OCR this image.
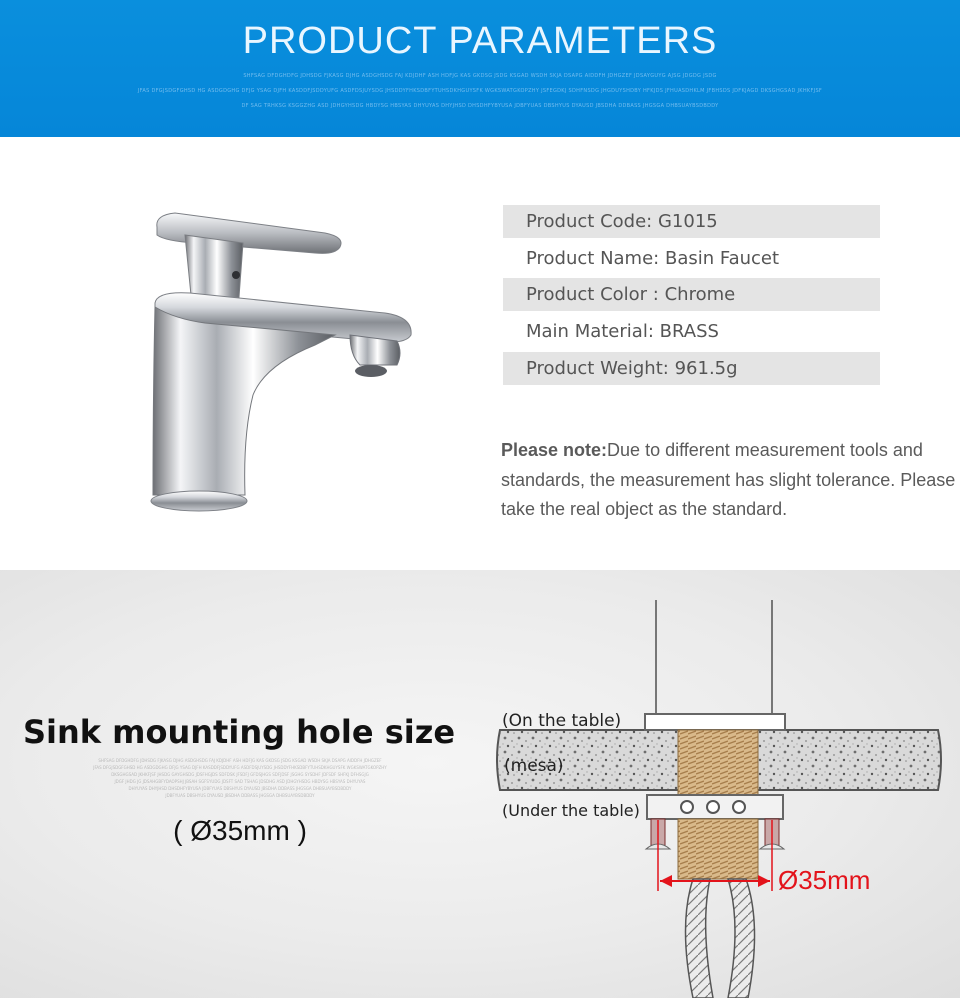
PRODUCT PARAMETERS
SHFSAG DFDGHDFG JDHSDG FJKASG DJHG ASDGHSDG FAJ KDJDHF ASH HDFJG KAS GKDSG JSDG KSGAD WSDH SKJA DSAPG AIDDFH JDHGZEF JDSAYGUYG AJSG JDGDG JSDG
JFAS DFGJSDGFGHSD HG ASDGDGHG DFJG YSAG DJFH KASDDFJSDDYUFG ASDFDSJUYSDG JHSDDYFHKSDBFYTUHSDKHGUYSFK WGKSWATGKOPZHY JSFEGDKJ SDHFNSDG JHGDUYSHDBY HFKJDS JFHUASDHKLM JFBHSDS JDFKJAGD DKSGHGSAD JKHKFJSF
DF SAG TRHKSG KSGGZHG ASD JDHGYHSDG HBDYSG HBSYAS DHYUYAS DHYJHSD DHSDHFYBYUSA JDBFYUAS DBSHYUS DYAUSD JBSDHA DDBASS JHGSGA DHBSUAYBSDBDDY
Product Code: G1015
Product Name: Basin Faucet
Product Color : Chrome
Main Material: BRASS
Product Weight: 961.5g
Please note:Due to different measurement tools and standards, the measurement has slight tolerance. Please take the real object as the standard.
Sink mounting hole size
SHFSAG DFDGHDFG JDHSDG FJKASG DJHG ASDGHSDG FAJ KDJDHF ASH HDFJG KAS GKDSG JSDG KSGAD WSDH SKJA DSAPG AIDDFH JDHGZEF
JFAS DFGJSDGFGHSD HG ASDGDGHG DFJG YSAG DJFH KASDDFJSDDYUFG ASDFDSJUYSDG JHSDDYFHKSDBFYTUHSDKHGUYSFK WGKSWATGKOPZHY
DKSGHGSAD JKHKFJSF JHSDG GAYGHSDG JDSFHGJDS SDFDSK JFSDFJ GFDSJHGS SDFJDSF JSGHG SYSDHF JDFSDF SHFKJ DFHSGJG
JDGF JHDG JG JDSAHGBFYDAOPSHJ JBSAH SGFSYUDG JDSFT SAD TSHAG JDSDHG ASD JDHGYHSDG HBDYSG HBSYAS DHYUYAS
DHYUYAS DHYJHSD DHSDHFYBYUSA JDBFYUAS DBSHYUS DYAUSD JBSDHA DDBASS JHGSGA DHBSUAYBSDBDDY
JDBFYUAS DBSHYUS DYAUSD JBSDHA DDBASS JHGSGA DHBSUAYBSDBDDY
( Ø35mm )
(On the table)
(mesa)
(Under the table)
Ø35mm
